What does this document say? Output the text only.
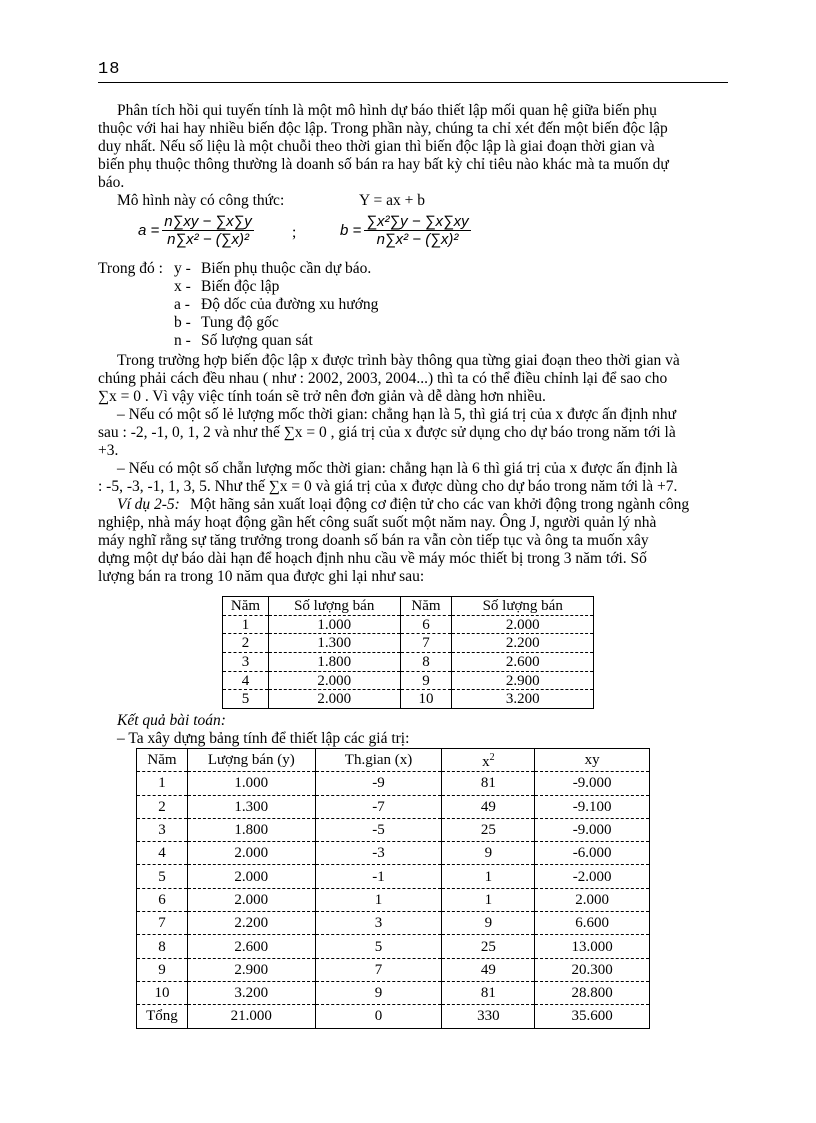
18
Phân tích hồi qui tuyến tính là một mô hình dự báo thiết lập mối quan hệ giữa biến phụ
thuộc với hai hay nhiều biến độc lập. Trong phần này, chúng ta chỉ xét đến một biến độc lập
duy nhất. Nếu số liệu là một chuỗi theo thời gian thì biến độc lập là giai đoạn thời gian và
biến phụ thuộc thông thường là doanh số bán ra hay bất kỳ chỉ tiêu nào khác mà ta muốn dự
báo.
Mô hình này có công thức:	Y = ax + b
$a = \frac{n\sum xy - \sum x\sum y}{\text{n∑x² − (∑x)²}}$ ;	$b = \frac{\text{∑x²∑y − ∑x∑xy}}{\text{n∑x² − (∑x)²}}$
Trong đó : y - Biến phụ thuộc cần dự báo.
x - Biến độc lập
a - Độ dốc của đường xu hướng
b - Tung độ gốc
n - Số lượng quan sát
Trong trường hợp biến độc lập x được trình bày thông qua từng giai đoạn theo thời gian và
chúng phải cách đều nhau ( như : 2002, 2003, 2004...) thì ta có thể điều chỉnh lại để sao cho
∑x = 0 . Vì vậy việc tính toán sẽ trở nên đơn giản và dễ dàng hơn nhiều.
– Nếu có một số lẻ lượng mốc thời gian: chẳng hạn là 5, thì giá trị của x được ấn định như
sau : -2, -1, 0, 1, 2 và như thế ∑x = 0 , giá trị của x được sử dụng cho dự báo trong năm tới là
+3.
– Nếu có một số chẵn lượng mốc thời gian: chẳng hạn là 6 thì giá trị của x được ấn định là
: -5, -3, -1, 1, 3, 5. Như thế ∑x = 0 và giá trị của x được dùng cho dự báo trong năm tới là +7.
Ví dụ 2-5: Một hãng sản xuất loại động cơ điện tử cho các van khởi động trong ngành công
nghiệp, nhà máy hoạt động gần hết công suất suốt một năm nay. Ông J, người quản lý nhà
máy nghĩ rằng sự tăng trưởng trong doanh số bán ra vẫn còn tiếp tục và ông ta muốn xây
dựng một dự báo dài hạn để hoạch định nhu cầu về máy móc thiết bị trong 3 năm tới. Số
lượng bán ra trong 10 năm qua được ghi lại như sau:
Năm	Số lượng bán	Năm	Số lượng bán
1	1.000	6	2.000
2	1.300	7	2.200
3	1.800	8	2.600
4	2.000	9	2.900
5	2.000	10	3.200
Kết quả bài toán:
– Ta xây dựng bảng tính để thiết lập các giá trị:
Năm	Lượng bán (y)	Th.gian (x)	$x^2$	xy
1	1.000	-9	81	-9.000
2	1.300	-7	49	-9.100
3	1.800	-5	25	-9.000
4	2.000	-3	9	-6.000
5	2.000	-1	1	-2.000
6	2.000	1	1	2.000
7	2.200	3	9	6.600
8	2.600	5	25	13.000
9	2.900	7	49	20.300
10	3.200	9	81	28.800
Tổng	21.000	0	330	35.600
